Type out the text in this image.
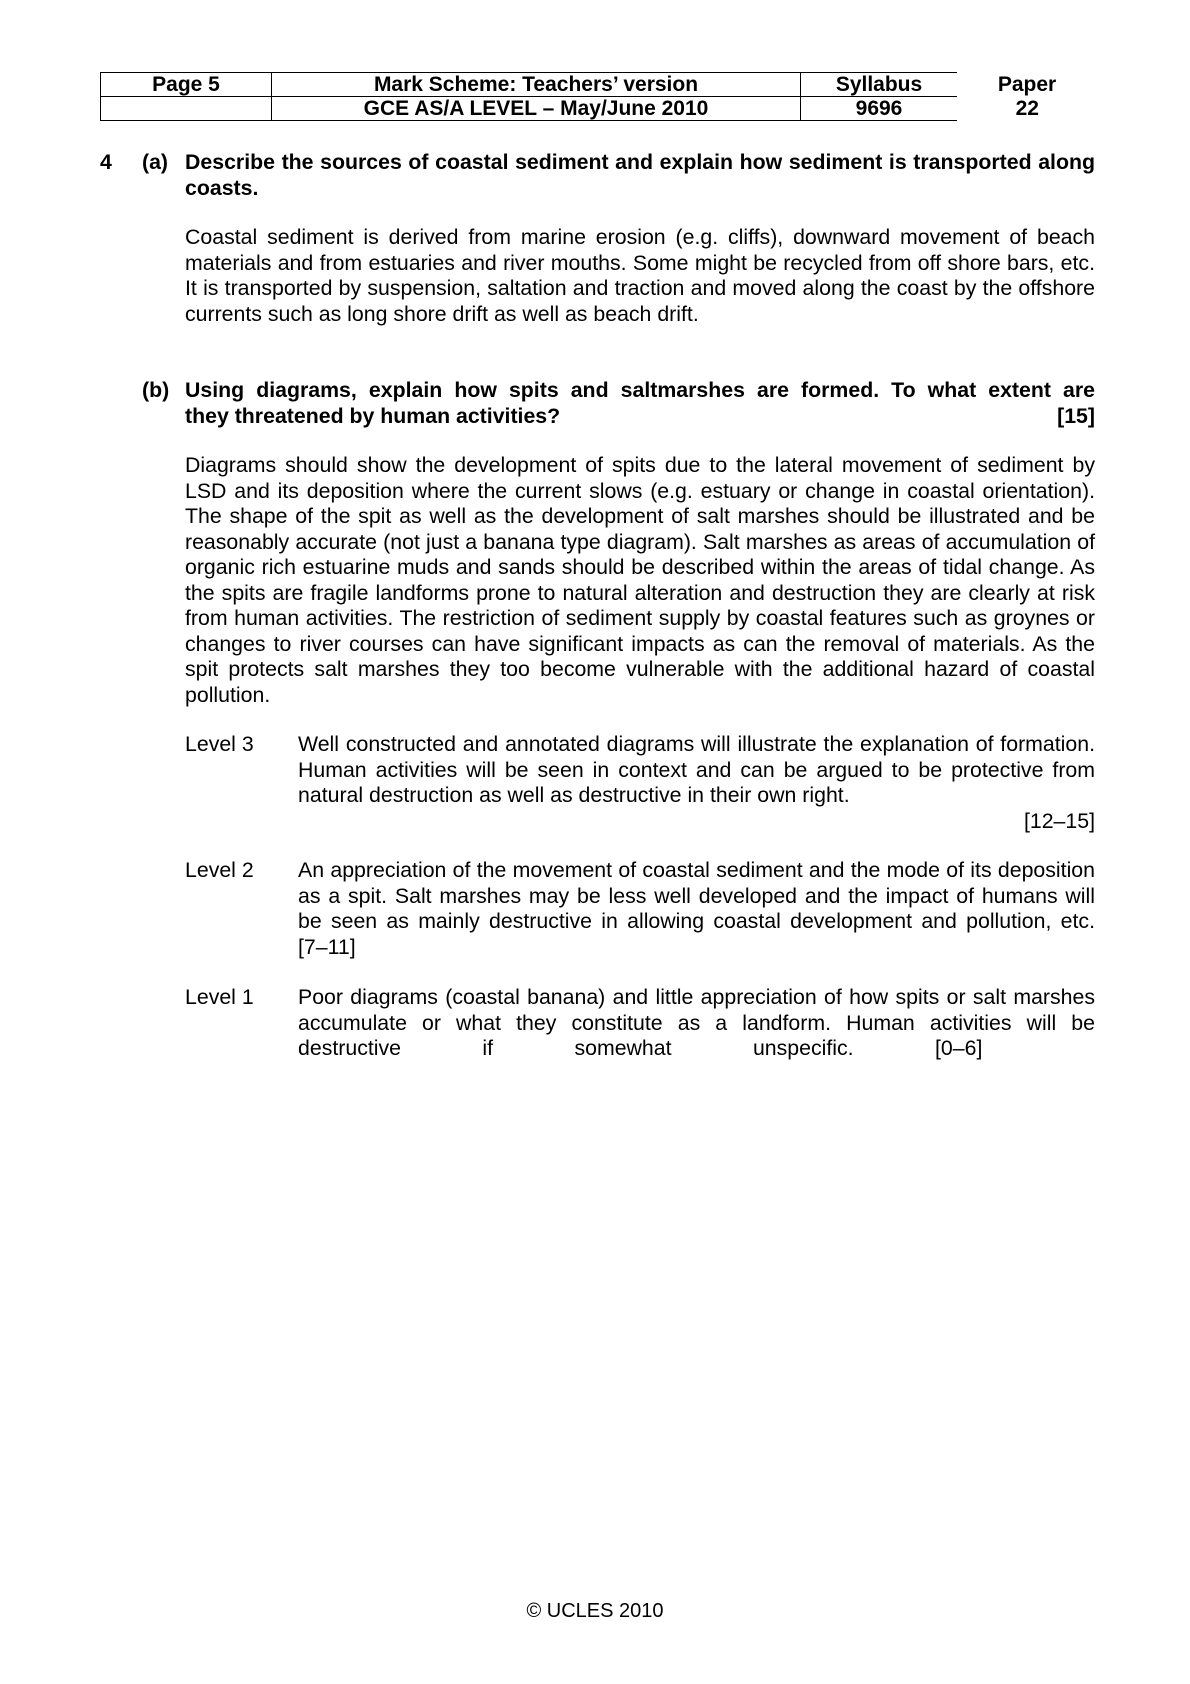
Page 5	Mark Scheme: Teachers’ version	Syllabus	Paper
	GCE AS/A LEVEL – May/June 2010	9696	22
4 (a) Describe the sources of coastal sediment and explain how sediment is transported along coasts.
Coastal sediment is derived from marine erosion (e.g. cliffs), downward movement of beach materials and from estuaries and river mouths. Some might be recycled from off shore bars, etc. It is transported by suspension, saltation and traction and moved along the coast by the offshore currents such as long shore drift as well as beach drift.
(b) Using diagrams, explain how spits and saltmarshes are formed. To what extent are
they threatened by human activities?	[15]
Diagrams should show the development of spits due to the lateral movement of sediment by LSD and its deposition where the current slows (e.g. estuary or change in coastal orientation). The shape of the spit as well as the development of salt marshes should be illustrated and be reasonably accurate (not just a banana type diagram). Salt marshes as areas of accumulation of organic rich estuarine muds and sands should be described within the areas of tidal change. As the spits are fragile landforms prone to natural alteration and destruction they are clearly at risk from human activities. The restriction of sediment supply by coastal features such as groynes or changes to river courses can have significant impacts as can the removal of materials. As the spit protects salt marshes they too become vulnerable with the additional hazard of coastal pollution.
Level 3 Well constructed and annotated diagrams will illustrate the explanation of formation. Human activities will be seen in context and can be argued to be protective from natural destruction as well as destructive in their own right.
[12–15]
Level 2 An appreciation of the movement of coastal sediment and the mode of its deposition as a spit. Salt marshes may be less well developed and the impact of humans will be seen as mainly destructive in allowing coastal development and pollution, etc. [7–11]
Level 1 Poor diagrams (coastal banana) and little appreciation of how spits or salt marshes accumulate or what they constitute as a landform. Human activities will be destructive if somewhat unspecific.	[0–6]
© UCLES 2010
